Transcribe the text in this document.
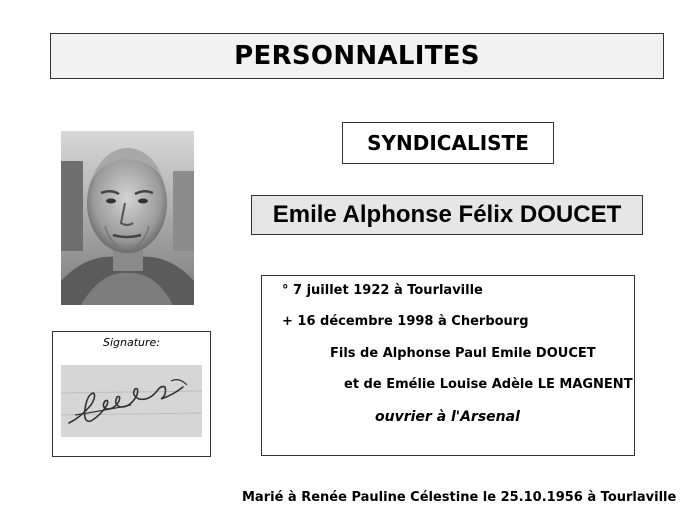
PERSONNALITES
SYNDICALISTE
Emile Alphonse Félix DOUCET
Signature:
° 7 juillet 1922 à Tourlaville
+ 16 décembre 1998 à Cherbourg
Fils de Alphonse Paul Emile DOUCET
et de Emélie Louise Adèle LE MAGNENT
ouvrier à l'Arsenal
Marié à Renée Pauline Célestine le 25.10.1956 à Tourlaville
